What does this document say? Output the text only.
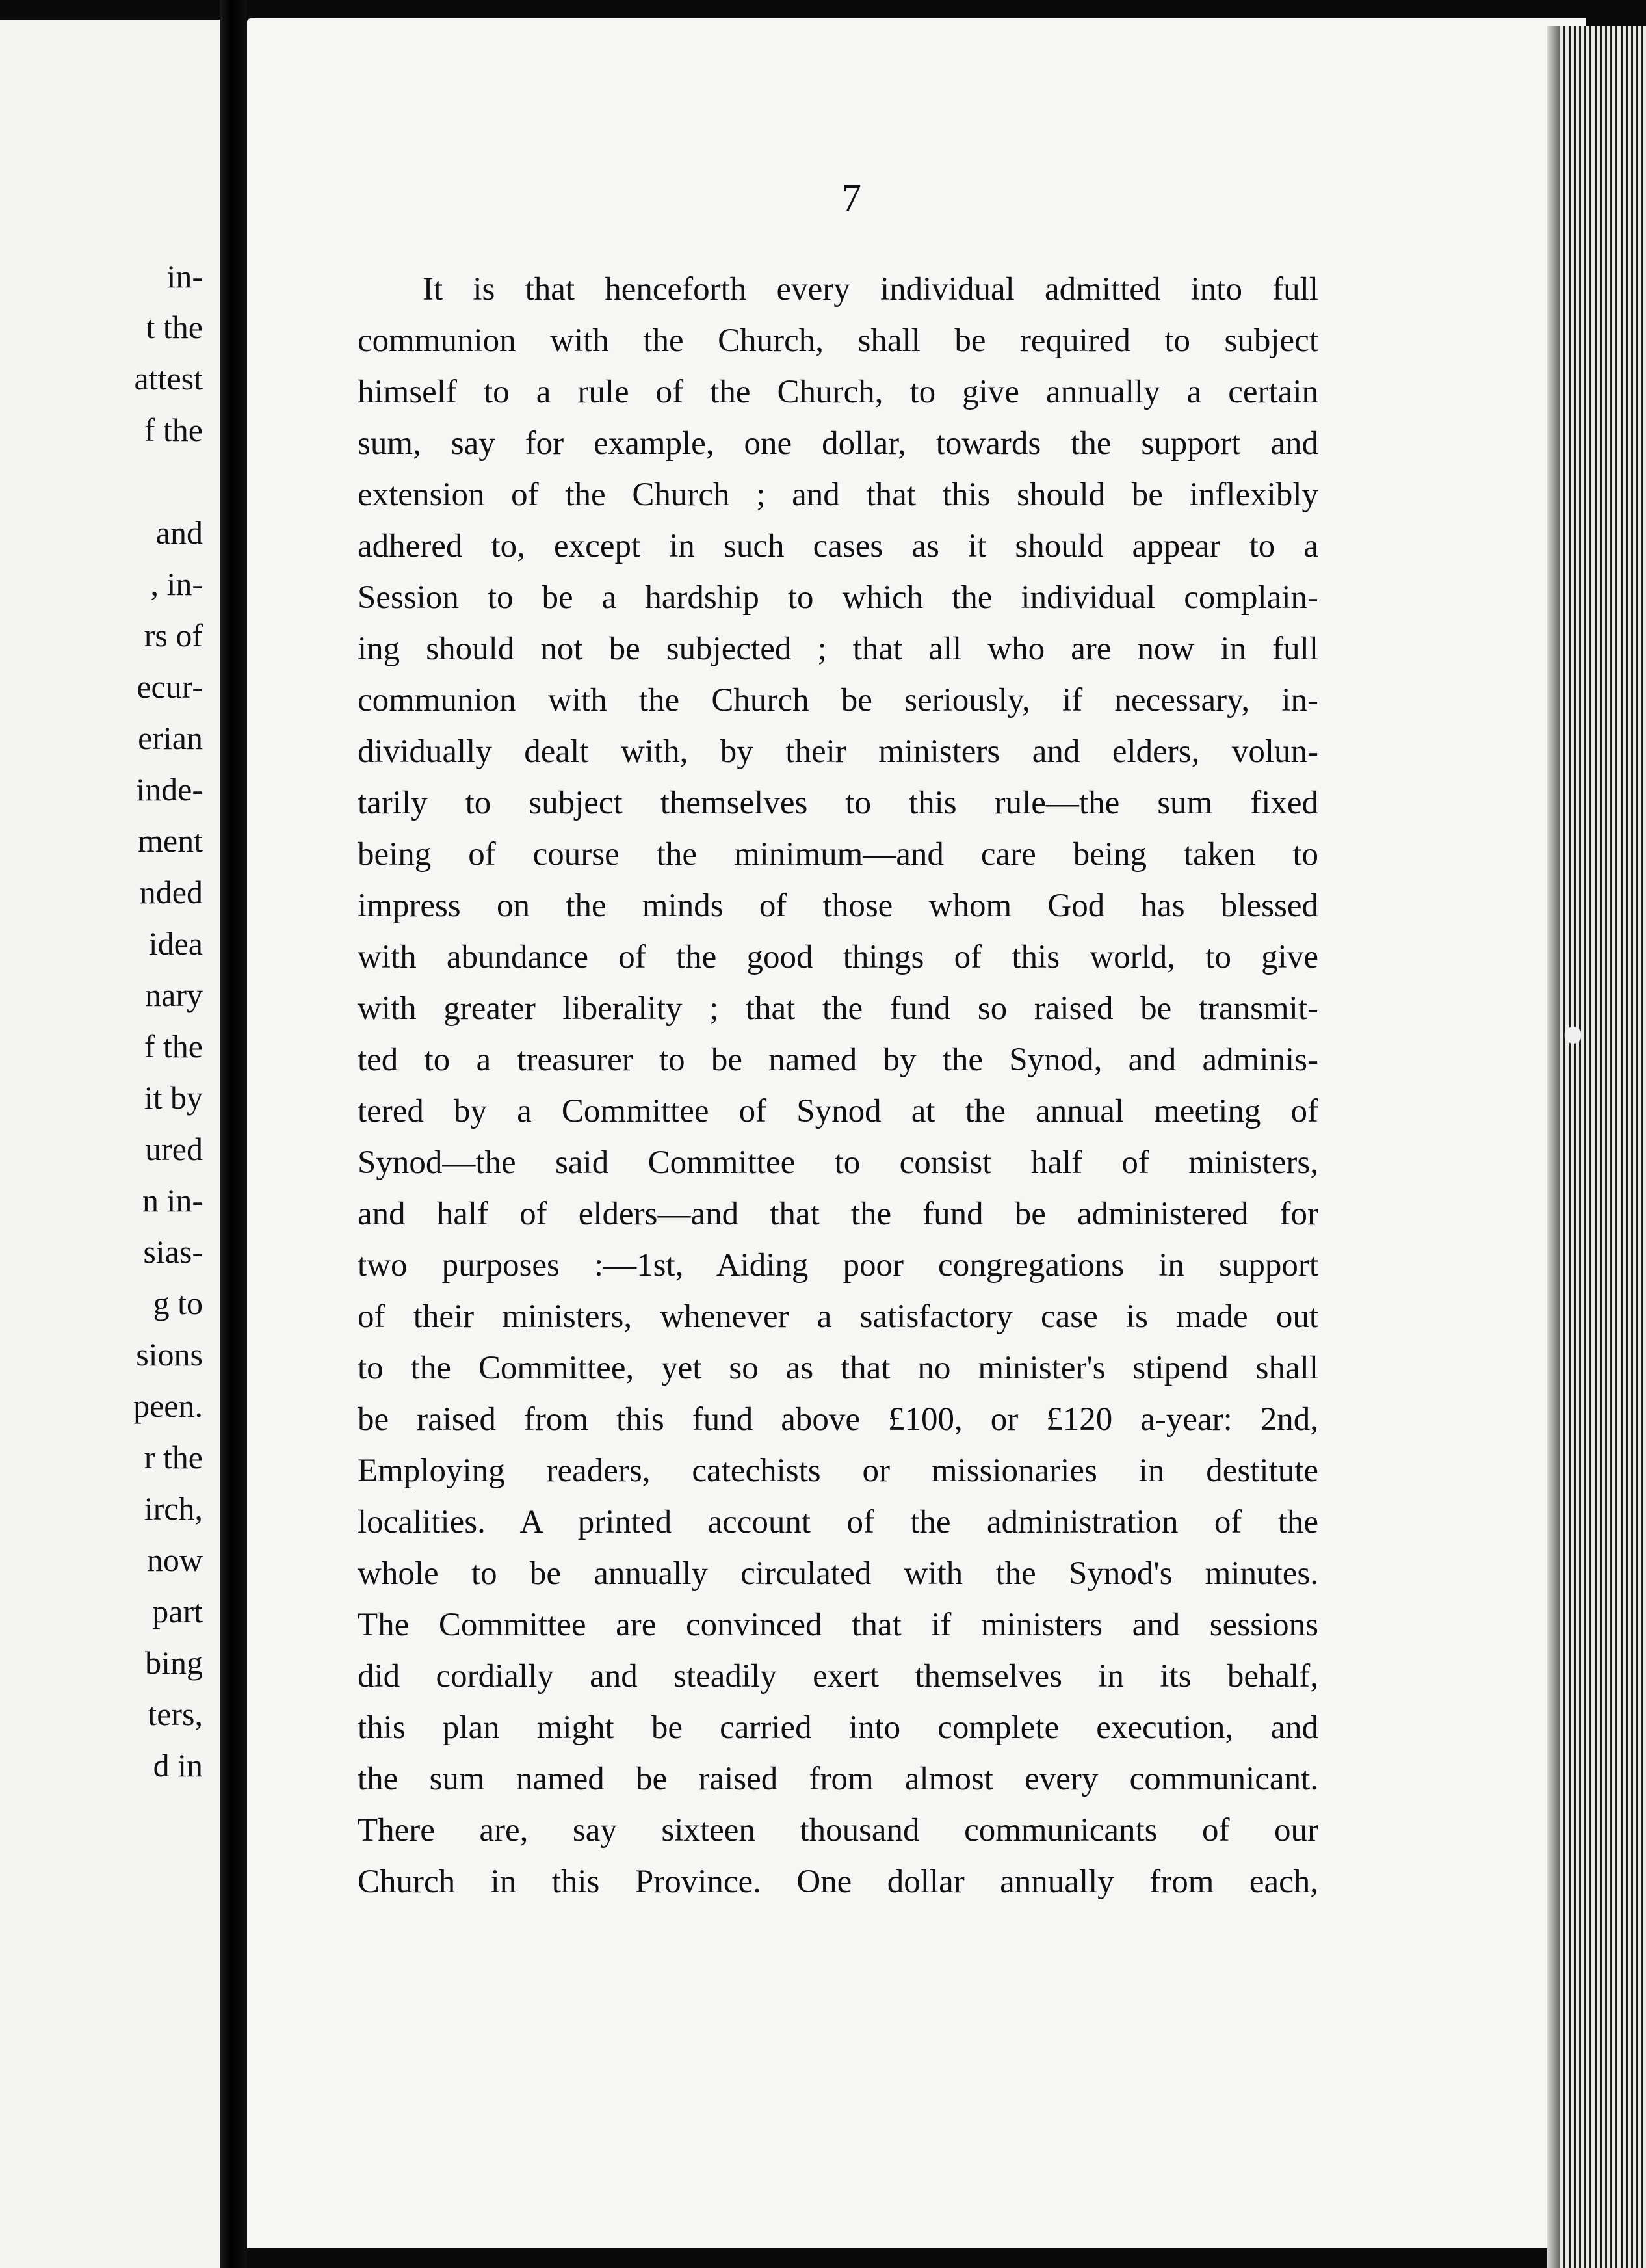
in-
t the
attest
f the
and
, in-
rs of
ecur-
erian
inde-
ment
nded
idea
nary
f the
it by
ured
n in-
sias-
g to
sions
peen.
r the
irch,
now
part
bing
ters,
d in
7
It is that henceforth every individual admitted into full
communion with the Church, shall be required to subject
himself to a rule of the Church, to give annually a certain
sum, say for example, one dollar, towards the support and
extension of the Church ; and that this should be inflexibly
adhered to, except in such cases as it should appear to a
Session to be a hardship to which the individual complain-
ing should not be subjected ; that all who are now in full
communion with the Church be seriously, if necessary, in-
dividually dealt with, by their ministers and elders, volun-
tarily to subject themselves to this rule—the sum fixed
being of course the minimum—and care being taken to
impress on the minds of those whom God has blessed
with abundance of the good things of this world, to give
with greater liberality ; that the fund so raised be transmit-
ted to a treasurer to be named by the Synod, and adminis-
tered by a Committee of Synod at the annual meeting of
Synod—the said Committee to consist half of ministers,
and half of elders—and that the fund be administered for
two purposes :—1st, Aiding poor congregations in support
of their ministers, whenever a satisfactory case is made out
to the Committee, yet so as that no minister's stipend shall
be raised from this fund above £100, or £120 a-year: 2nd,
Employing readers, catechists or missionaries in destitute
localities. A printed account of the administration of the
whole to be annually circulated with the Synod's minutes.
The Committee are convinced that if ministers and sessions
did cordially and steadily exert themselves in its behalf,
this plan might be carried into complete execution, and
the sum named be raised from almost every communicant.
There are, say sixteen thousand communicants of our
Church in this Province. One dollar annually from each,
